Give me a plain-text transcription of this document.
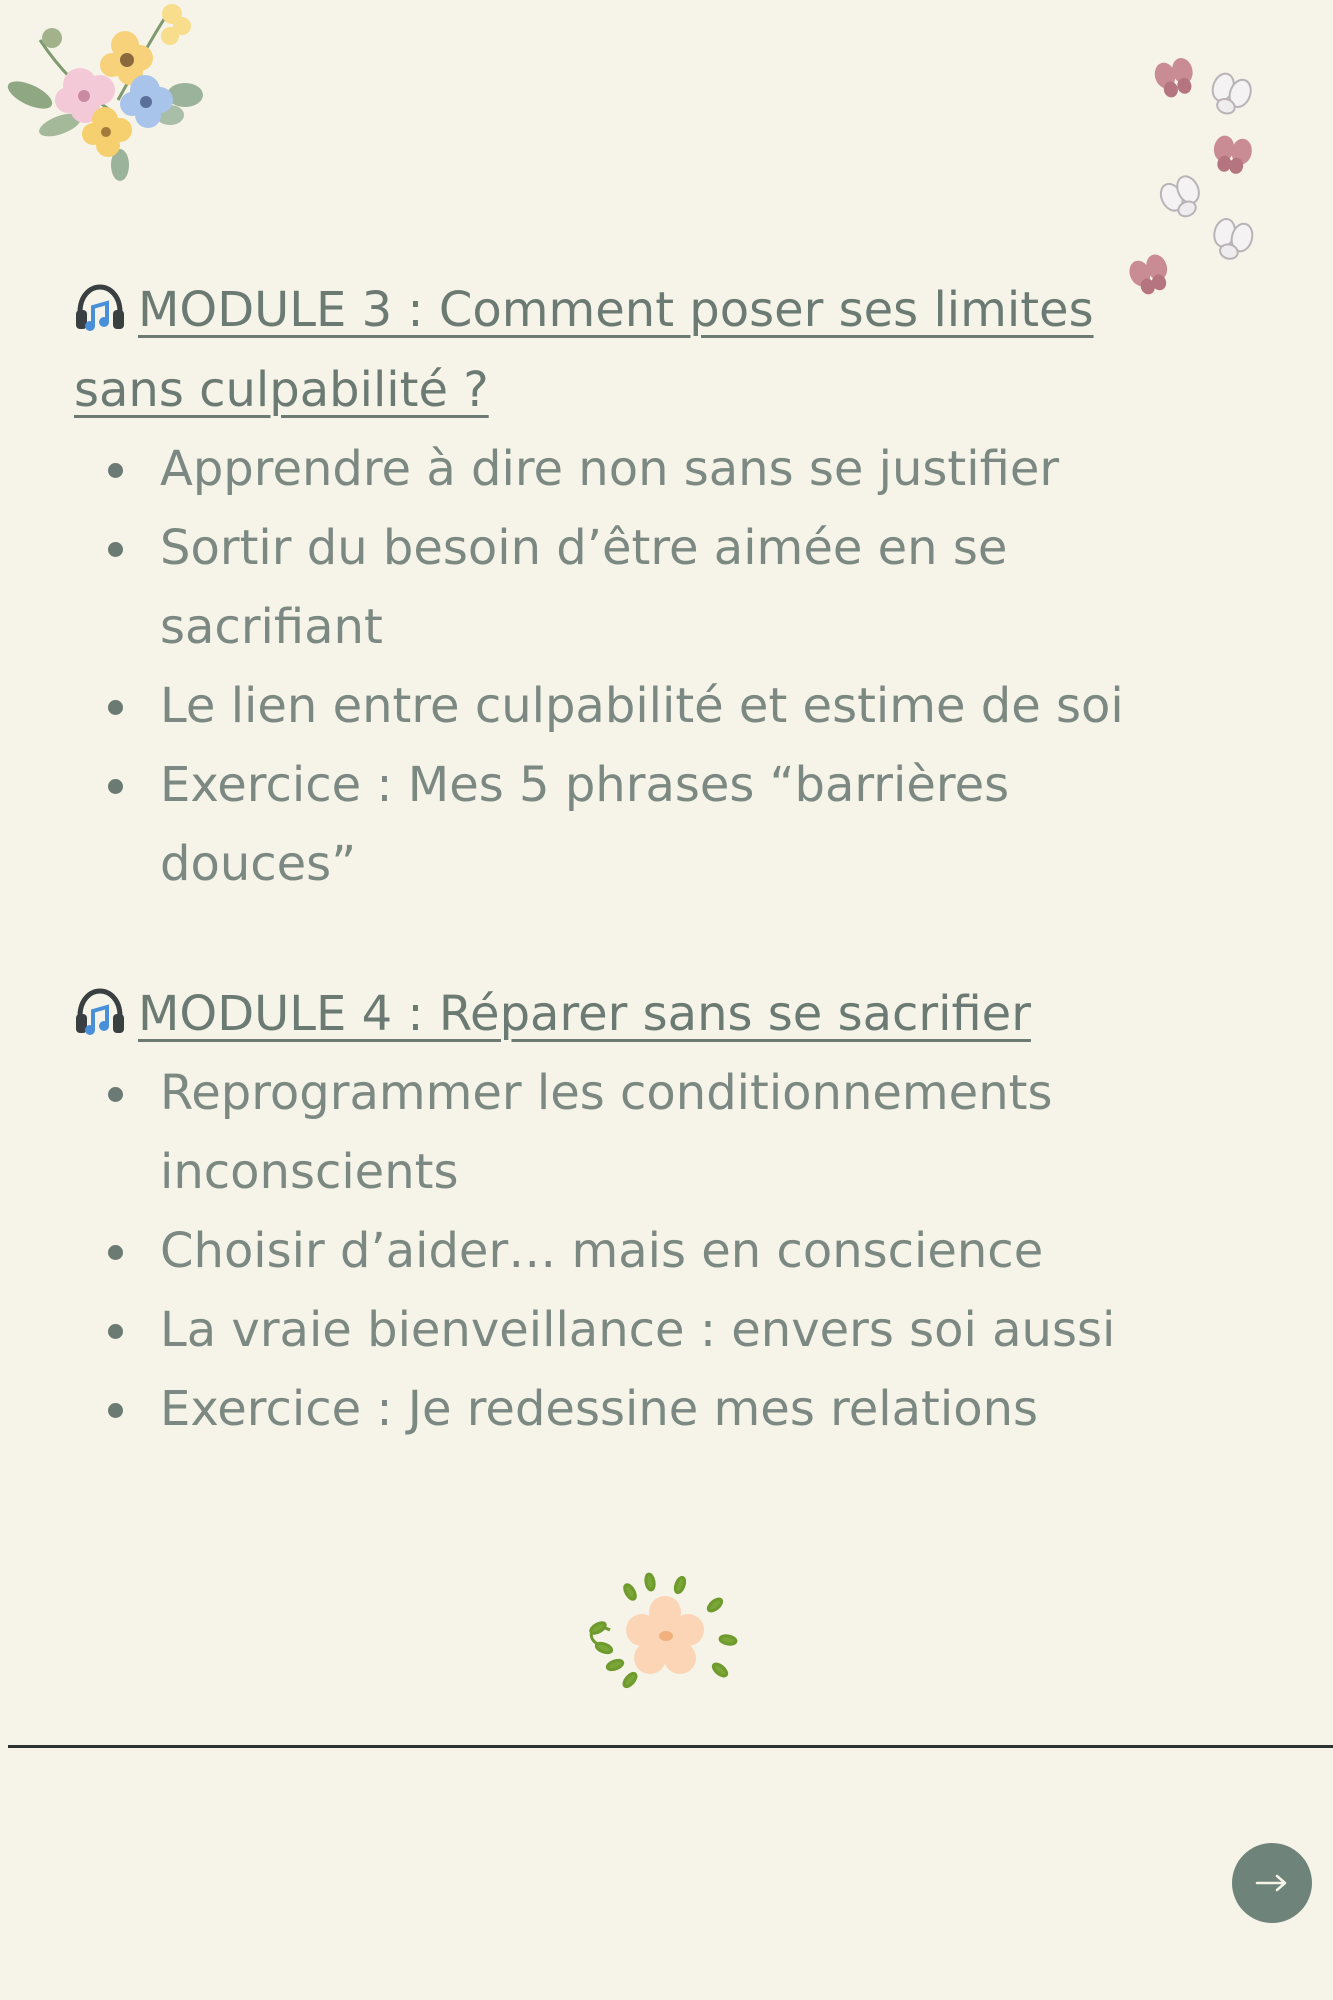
MODULE 3 : Comment poser ses limites sans culpabilité ?
Apprendre à dire non sans se justifier
Sortir du besoin d’être aimée en se sacrifiant
Le lien entre culpabilité et estime de soi
Exercice : Mes 5 phrases “barrières douces”
MODULE 4 : Réparer sans se sacrifier
Reprogrammer les conditionnements inconscients
Choisir d’aider… mais en conscience
La vraie bienveillance : envers soi aussi
Exercice : Je redessine mes relations
